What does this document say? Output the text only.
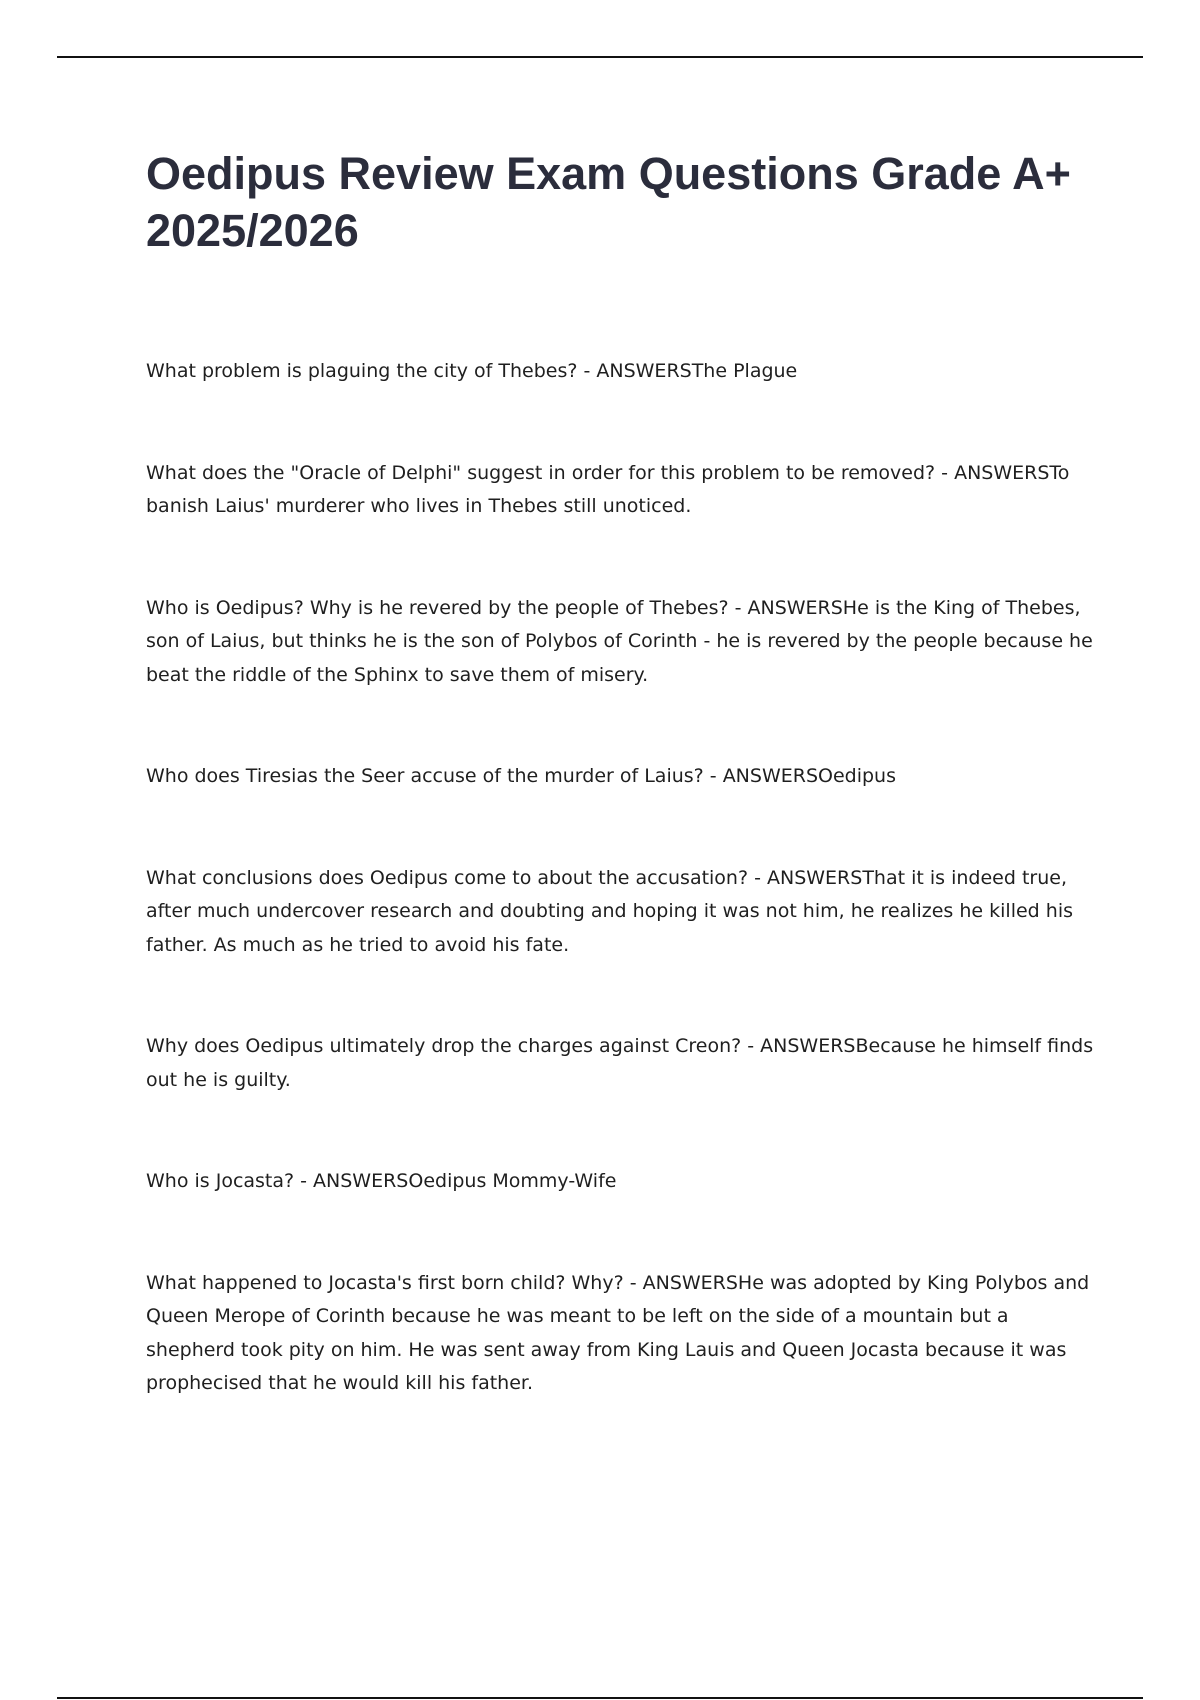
Oedipus Review Exam Questions Grade A+ 2025/2026
What problem is plaguing the city of Thebes? - ANSWERSThe Plague
What does the "Oracle of Delphi" suggest in order for this problem to be removed? - ANSWERSTo banish Laius' murderer who lives in Thebes still unoticed.
Who is Oedipus? Why is he revered by the people of Thebes? - ANSWERSHe is the King of Thebes, son of Laius, but thinks he is the son of Polybos of Corinth - he is revered by the people because he beat the riddle of the Sphinx to save them of misery.
Who does Tiresias the Seer accuse of the murder of Laius? - ANSWERSOedipus
What conclusions does Oedipus come to about the accusation? - ANSWERSThat it is indeed true, after much undercover research and doubting and hoping it was not him, he realizes he killed his father. As much as he tried to avoid his fate.
Why does Oedipus ultimately drop the charges against Creon? - ANSWERSBecause he himself finds out he is guilty.
Who is Jocasta? - ANSWERSOedipus Mommy-Wife
What happened to Jocasta's first born child? Why? - ANSWERSHe was adopted by King Polybos and Queen Merope of Corinth because he was meant to be left on the side of a mountain but a shepherd took pity on him. He was sent away from King Lauis and Queen Jocasta because it was prophecised that he would kill his father.
